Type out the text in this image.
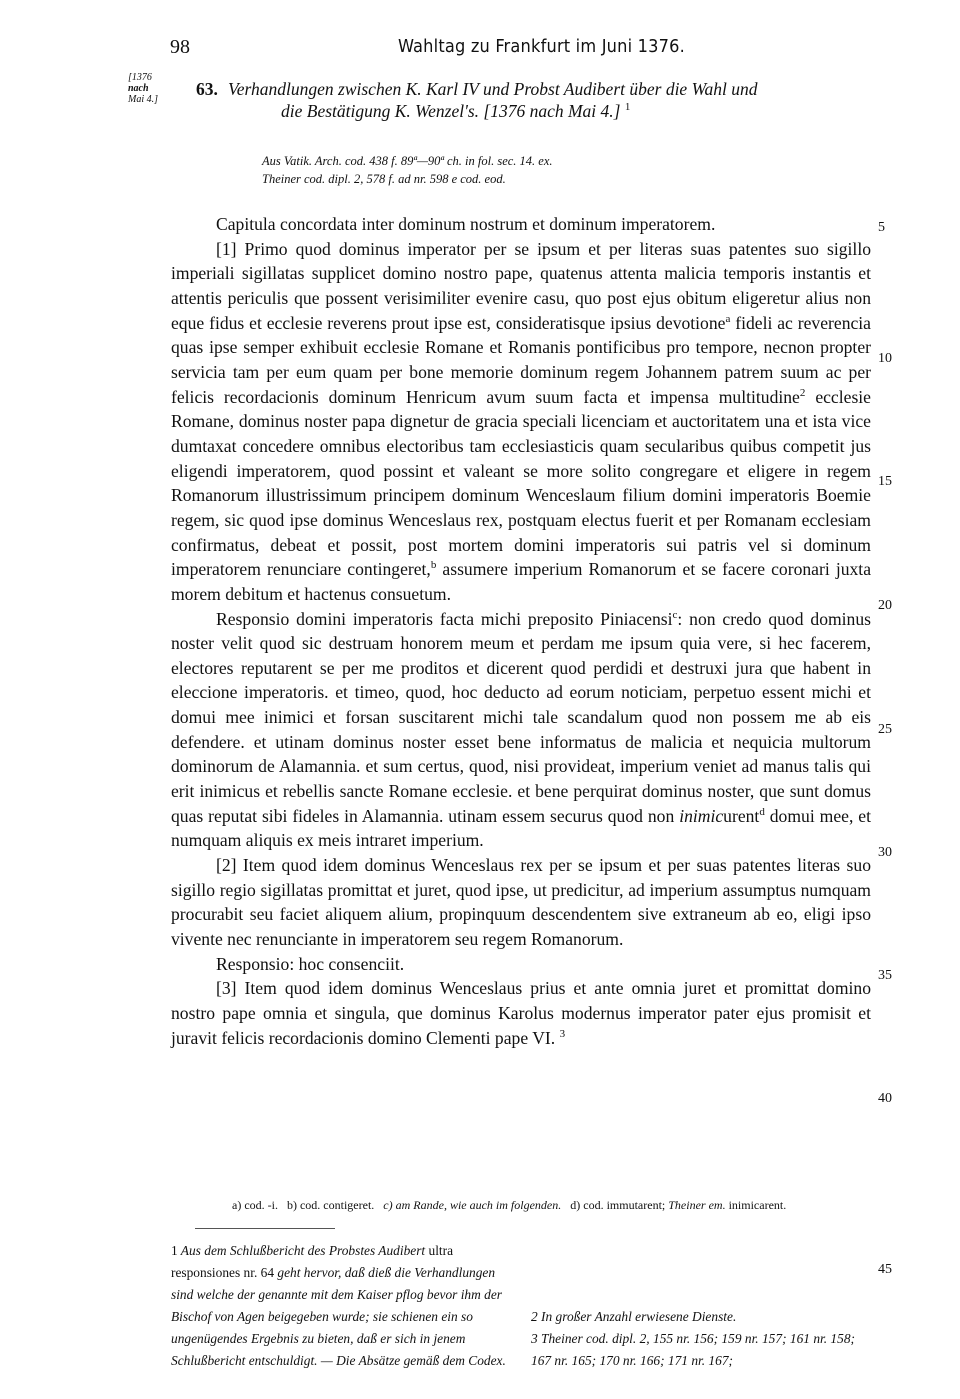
98	Wahltag zu Frankfurt im Juni 1376.
[1376
nach
Mai 4.]
63. Verhandlungen zwischen K. Karl IV und Probst Audibert über die Wahl und
die Bestätigung K. Wenzel's. [1376 nach Mai 4.] $^1$
Aus Vatik. Arch. cod. 438 f. 89ª—90ª ch. in fol. sec. 14. ex.
Theiner cod. dipl. 2, 578 f. ad nr. 598 e cod. eod.

Capitula concordata inter dominum nostrum et dominum imperatorem.

[1] Primo quod dominus imperator per se ipsum et per literas suas patentes suo sigillo imperiali sigillatas supplicet domino nostro pape, quatenus attenta malicia temporis instantis et attentis periculis que possent verisimiliter evenire casu, quo post ejus obitum eligeretur alius non eque fidus et ecclesie reverens prout ipse est, consideratisque ipsius devotione$^a$ fideli ac reverencia quas ipse semper exhibuit ecclesie Romane et Romanis pontificibus pro tempore, necnon propter servicia tam per eum quam per bone memorie dominum regem Johannem patrem suum ac per felicis recordacionis dominum Henricum avum suum facta et impensa multitudine$^2$ ecclesie Romane, dominus noster papa dignetur de gracia speciali licenciam et auctoritatem una et ista vice dumtaxat concedere omnibus electoribus tam ecclesiasticis quam secularibus quibus competit jus eligendi imperatorem, quod possint et valeant se more solito congregare et eligere in regem Romanorum illustrissimum principem dominum Wenceslaum filium domini imperatoris Boemie regem, sic quod ipse dominus Wenceslaus rex, postquam electus fuerit et per Romanam ecclesiam confirmatus, debeat et possit, post mortem domini imperatoris sui patris vel si dominum imperatorem renunciare contingeret,$^b$ assumere imperium Romanorum et se facere coronari juxta morem debitum et hactenus consuetum.

Responsio domini imperatoris facta michi preposito Piniacensi$^c$: non credo quod dominus noster velit quod sic destruam honorem meum et perdam me ipsum quia vere, si hec facerem, electores reputarent se per me proditos et dicerent quod perdidi et destruxi jura que habent in eleccione imperatoris. et timeo, quod, hoc deducto ad eorum noticiam, perpetuo essent michi et domui mee inimici et forsan suscitarent michi tale scandalum quod non possem me ab eis defendere. et utinam dominus noster esset bene informatus de malicia et nequicia multorum dominorum de Alamannia. et sum certus, quod, nisi provideat, imperium veniet ad manus talis qui erit inimicus et rebellis sancte Romane ecclesie. et bene perquirat dominus noster, que sunt domus quas reputat sibi fideles in Alamannia. utinam essem securus quod non inimicurent$^d$ domui mee, et numquam aliquis ex meis intraret imperium.

[2] Item quod idem dominus Wenceslaus rex per se ipsum et per suas patentes literas suo sigillo regio sigillatas promittat et juret, quod ipse, ut predicitur, ad imperium assumptus numquam procurabit seu faciet aliquem alium, propinquum descendentem sive extraneum ab eo, eligi ipso vivente nec renunciante in imperatorem seu regem Romanorum.

Responsio: hoc consenciit.

[3] Item quod idem dominus Wenceslaus prius et ante omnia juret et promittat domino nostro pape omnia et singula, que dominus Karolus modernus imperator pater ejus promisit et juravit felicis recordacionis domino Clementi pape VI. $^3$

5
10
15
20
25
30
35
40
a) cod. -i. b) cod. contigeret. c) am Rande, wie auch im folgenden. d) cod. immutarent; Theiner em. inimicarent.
1 Aus dem Schlußbericht des Probstes Audibert ultra responsiones nr. 64 geht hervor, daß dieß die Verhandlungen sind welche der genannte mit dem Kaiser pflog bevor ihm der Bischof von Agen beigegeben wurde; sie schienen ein so ungenügendes Ergebnis zu bieten, daß er sich in jenem Schlußbericht entschuldigt. — Die Absätze gemäß dem Codex.
2 In großer Anzahl erwiesene Dienste.
3 Theiner cod. dipl. 2, 155 nr. 156; 159 nr. 157; 161 nr. 158; 167 nr. 165; 170 nr. 166; 171 nr. 167;
45
